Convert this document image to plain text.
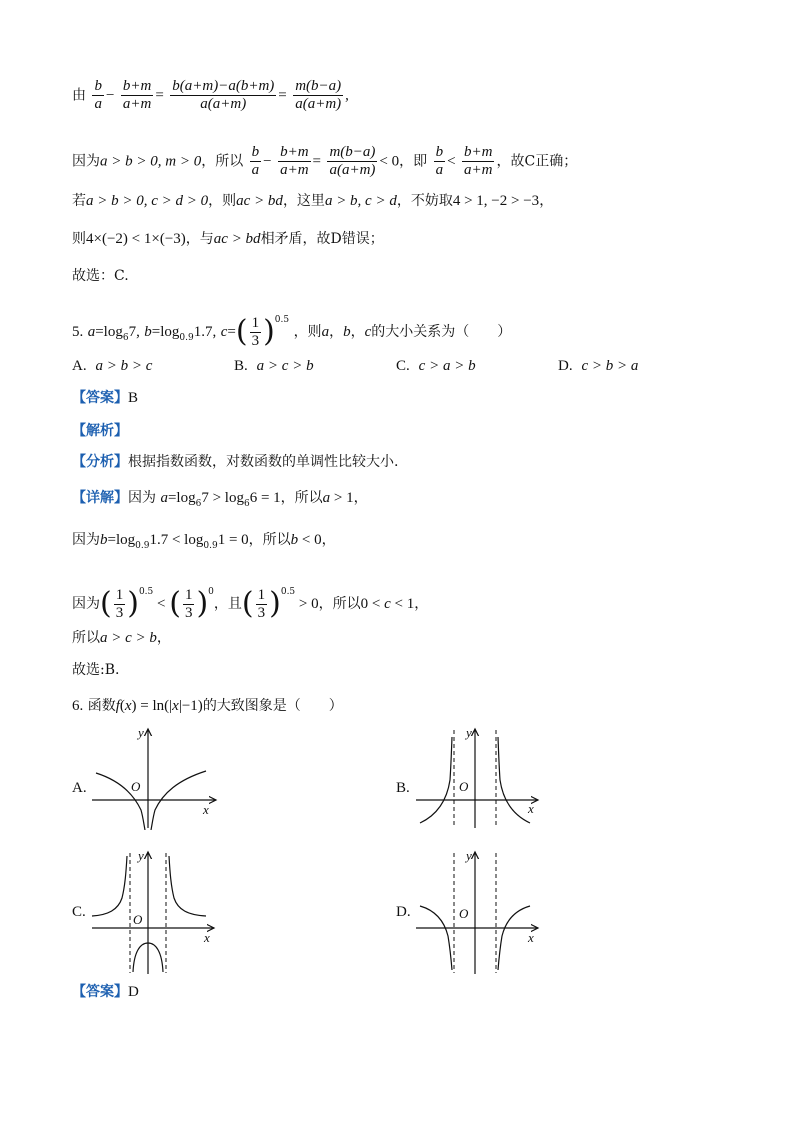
由 $\frac{b}{a} - \frac{b+m}{a+m} = \frac{b(a+m)-a(b+m)}{a(a+m)} = \frac{m(b-a)}{a(a+m)}$ ,
因为a > b > 0, m > 0，所以 $\frac{b}{a} - \frac{b+m}{a+m} = \frac{m(b-a)}{a(a+m)} < 0$，即 $\frac{b}{a} < \frac{b+m}{a+m}$ ，故C正确；
若a > b > 0, c > d > 0，则ac > bd，这里a > b, c > d，不妨取4 > 1, −2 > −3，
则4×(−2) < 1×(−3)，与ac > bd相矛盾，故D错误；
故选：C.
5. $a=\log_67$, $b=\log_{0.9}1.7$, $c=( \frac{1}{3} )^{0.5}$ ，则a，b，c的大小关系为（　　）
A. a > b > c	B. a > c > b	C. c > a > b	D. c > b > a
【答案】B
【解析】
【分析】根据指数函数，对数函数的单调性比较大小.
【详解】因为 $a=\log_67 > \log_66 = 1$，所以a > 1，
因为$b=\log_{0.9}1.7 < \log_{0.9}1 = 0$，所以b < 0，
因为( $\frac{1}{3} )^{0.5}$ < ( $\frac{1}{3} )^0$，且( $\frac{1}{3} )^{0.5} > 0$，所以0 < c < 1，
所以a > c > b，
故选:B.
6. 函数f(x) = ln(|x|−1)的大致图象是（　　）
A.	O
x
y
B.	O
x
y
C.	O
x
y
D.	O
x
y
【答案】D
